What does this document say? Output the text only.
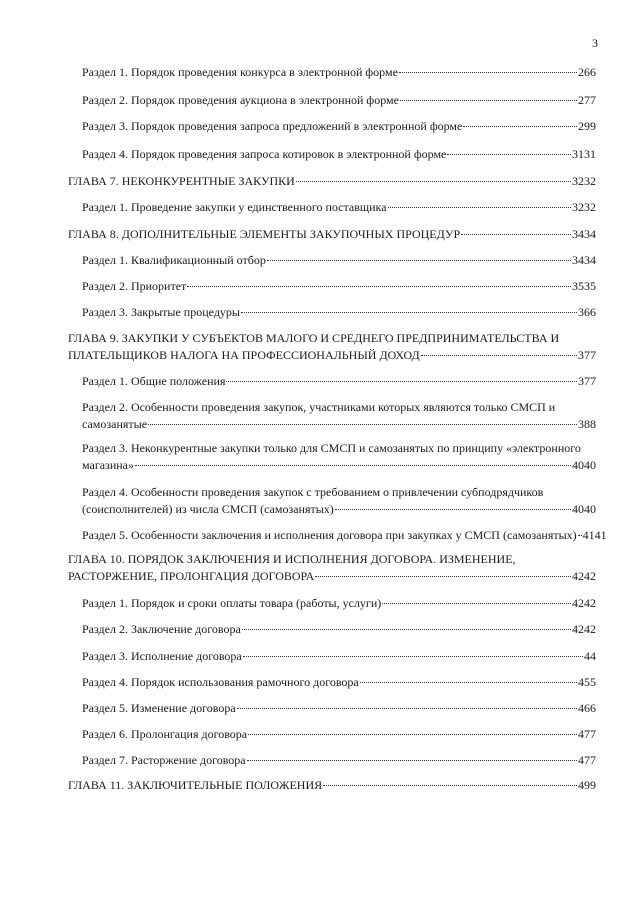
3
Раздел 1. Порядок проведения конкурса в электронной форме	266
Раздел 2. Порядок проведения аукциона в электронной форме	277
Раздел 3. Порядок проведения запроса предложений в электронной форме	299
Раздел 4. Порядок проведения запроса котировок в электронной форме	3131
ГЛАВА 7. НЕКОНКУРЕНТНЫЕ ЗАКУПКИ	3232
Раздел 1. Проведение закупки у единственного поставщика	3232
ГЛАВА 8. ДОПОЛНИТЕЛЬНЫЕ ЭЛЕМЕНТЫ ЗАКУПОЧНЫХ ПРОЦЕДУР	3434
Раздел 1. Квалификационный отбор	3434
Раздел 2. Приоритет	3535
Раздел 3. Закрытые процедуры	366
ГЛАВА 9. ЗАКУПКИ У СУБЪЕКТОВ МАЛОГО И СРЕДНЕГО ПРЕДПРИНИМАТЕЛЬСТВА И
ПЛАТЕЛЬЩИКОВ НАЛОГА НА ПРОФЕССИОНАЛЬНЫЙ ДОХОД	377
Раздел 1. Общие положения	377
Раздел 2. Особенности проведения закупок, участниками которых являются только СМСП и
самозанятые	388
Раздел 3. Неконкурентные закупки только для СМСП и самозанятых по принципу «электронного
магазина»	4040
Раздел 4. Особенности проведения закупок с требованием о привлечении субподрядчиков
(соисполнителей) из числа СМСП (самозанятых)	4040
Раздел 5. Особенности заключения и исполнения договора при закупках у СМСП (самозанятых) 4141
ГЛАВА 10. ПОРЯДОК ЗАКЛЮЧЕНИЯ И ИСПОЛНЕНИЯ ДОГОВОРА. ИЗМЕНЕНИЕ,
РАСТОРЖЕНИЕ, ПРОЛОНГАЦИЯ ДОГОВОРА	4242
Раздел 1. Порядок и сроки оплаты товара (работы, услуги)	4242
Раздел 2. Заключение договора	4242
Раздел 3. Исполнение договора	44
Раздел 4. Порядок использования рамочного договора	455
Раздел 5. Изменение договора	466
Раздел 6. Пролонгация договора	477
Раздел 7. Расторжение договора	477
ГЛАВА 11. ЗАКЛЮЧИТЕЛЬНЫЕ ПОЛОЖЕНИЯ	499
